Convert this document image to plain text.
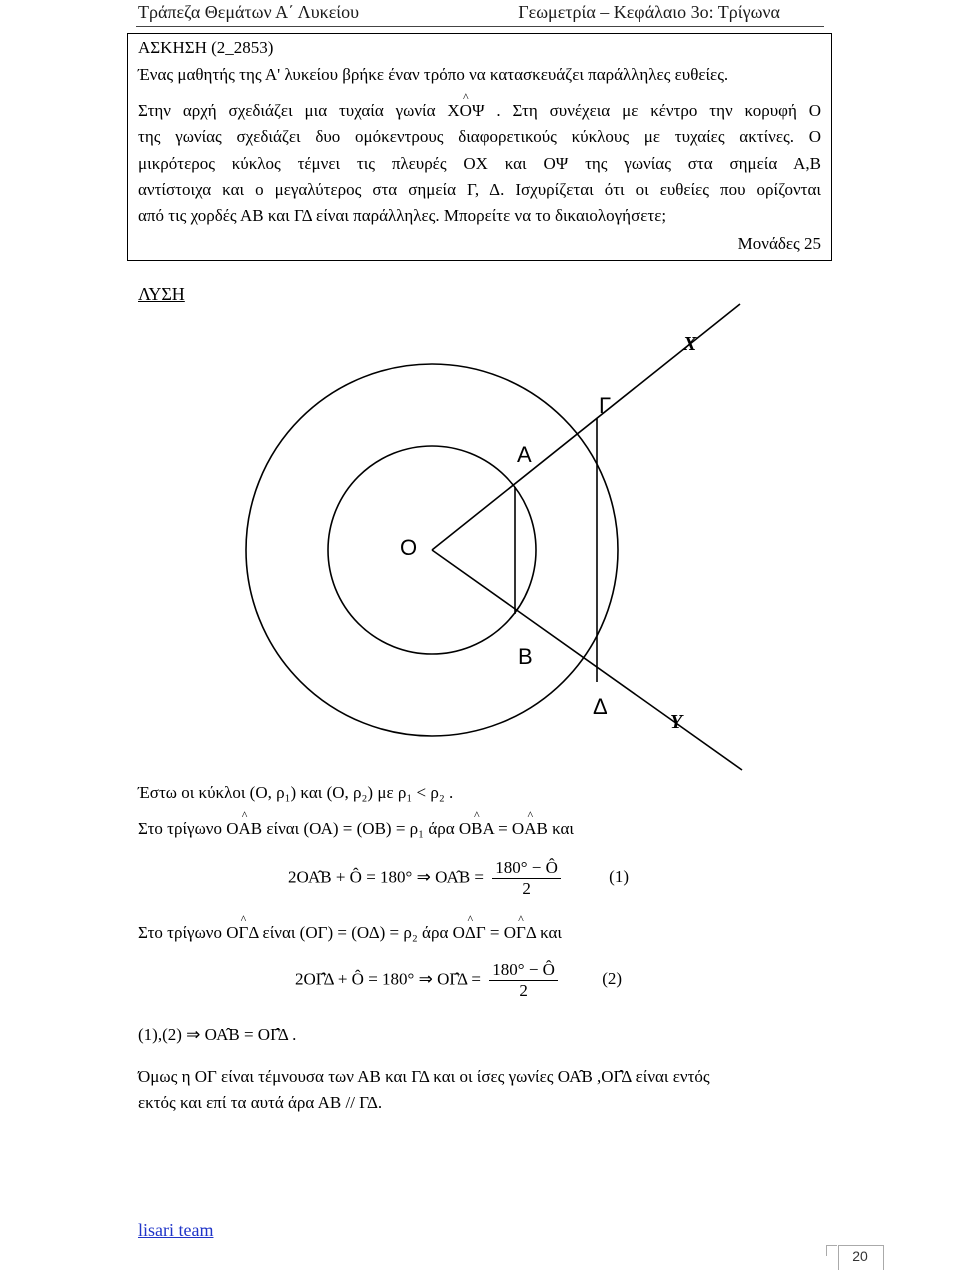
Τράπεζα Θεμάτων Α΄ Λυκείου	Γεωμετρία – Κεφάλαιο 3ο: Τρίγωνα
ΑΣΚΗΣΗ (2_2853)
Ένας μαθητής της Α' λυκείου βρήκε έναν τρόπο να κατασκευάζει παράλληλες ευθείες.
Στην αρχή σχεδιάζει μια τυχαία γωνία Χ^ ΟΨ . Στη συνέχεια με κέντρο την κορυφή Ο
της γωνίας σχεδιάζει δυο ομόκεντρους διαφορετικούς κύκλους με τυχαίες ακτίνες. Ο
μικρότερος κύκλος τέμνει τις πλευρές ΟΧ και ΟΨ της γωνίας στα σημεία Α,Β
αντίστοιχα και ο μεγαλύτερος στα σημεία Γ, Δ. Ισχυρίζεται ότι οι ευθείες που ορίζονται
από τις χορδές ΑΒ και ΓΔ είναι παράλληλες. Μπορείτε να το δικαιολογήσετε;
Μονάδες 25
ΛΥΣΗ
Ο
Α
Β
Γ
Δ
Χ
Υ
Έστω οι κύκλοι (Ο, ρ₁) και (Ο, ρ₂) με ρ₁ < ρ₂ .
Στο τρίγωνο Ο^ ΑΒ είναι (ΟΑ) = (ΟΒ) = ρ₁ άρα Ο^ ΒΑ = Ο^ ΑΒ και
2ΟΑ̂Β + Ô = 180° ⇒ ΟΑ̂Β = $\frac{180^\circ - Ô}{2}$	(1)
Στο τρίγωνο Ο^ ΓΔ είναι (ΟΓ) = (ΟΔ) = ρ₂ άρα Ο^ ΔΓ = Ο^ ΓΔ και
2ΟΓ̂Δ + Ô = 180° ⇒ ΟΓ̂Δ = $\frac{180^\circ - Ô}{2}$	(2)
(1),(2) ⇒ ΟΑ̂Β = ΟΓ̂Δ .
Όμως η ΟΓ είναι τέμνουσα των ΑΒ και ΓΔ και οι ίσες γωνίες ΟΑ̂Β ,ΟΓ̂Δ είναι εντός
εκτός και επί τα αυτά άρα ΑΒ // ΓΔ.
lisari team
20
